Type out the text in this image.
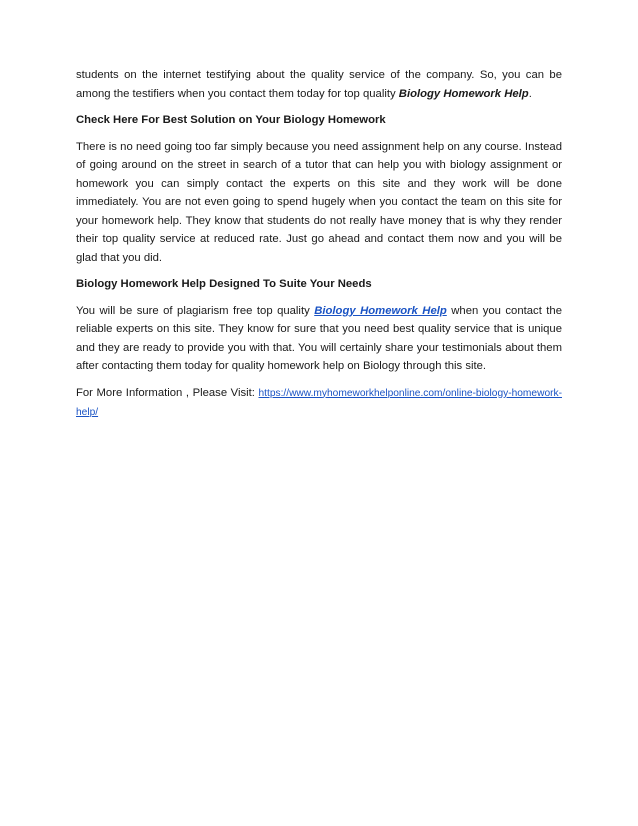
students on the internet testifying about the quality service of the company. So, you can be among the testifiers when you contact them today for top quality Biology Homework Help.

Check Here For Best Solution on Your Biology Homework

There is no need going too far simply because you need assignment help on any course. Instead of going around on the street in search of a tutor that can help you with biology assignment or homework you can simply contact the experts on this site and they work will be done immediately. You are not even going to spend hugely when you contact the team on this site for your homework help. They know that students do not really have money that is why they render their top quality service at reduced rate. Just go ahead and contact them now and you will be glad that you did.

Biology Homework Help Designed To Suite Your Needs

You will be sure of plagiarism free top quality Biology Homework Help when you contact the reliable experts on this site. They know for sure that you need best quality service that is unique and they are ready to provide you with that. You will certainly share your testimonials about them after contacting them today for quality homework help on Biology through this site.

For More Information , Please Visit: https://www.myhomeworkhelponline.com/online-biology-homework-help/
